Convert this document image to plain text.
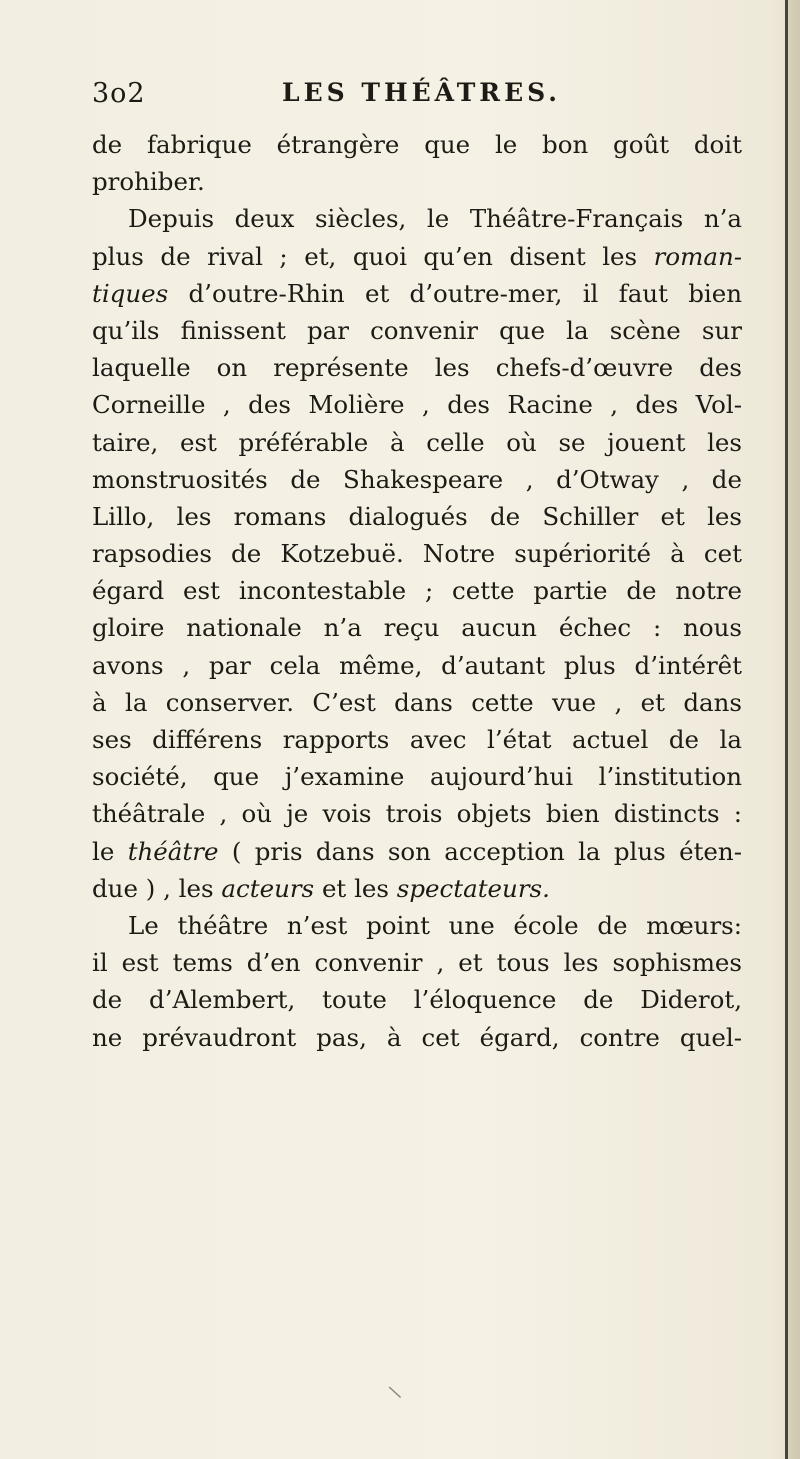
3o2	LES THÉÂTRES.
de fabrique étrangère que le bon goût doit
prohiber.
Depuis deux siècles, le Théâtre-Français n’a
plus de rival ; et, quoi qu’en disent les roman-
tiques d’outre-Rhin et d’outre-mer, il faut bien
qu’ils finissent par convenir que la scène sur
laquelle on représente les chefs-d’œuvre des
Corneille , des Molière , des Racine , des Vol-
taire, est préférable à celle où se jouent les
monstruosités de Shakespeare , d’Otway , de
Lillo, les romans dialogués de Schiller et les
rapsodies de Kotzebuë. Notre supériorité à cet
égard est incontestable ; cette partie de notre
gloire nationale n’a reçu aucun échec : nous
avons , par cela même, d’autant plus d’intérêt
à la conserver. C’est dans cette vue , et dans
ses différens rapports avec l’état actuel de la
société, que j’examine aujourd’hui l’institution
théâtrale , où je vois trois objets bien distincts :
le théâtre ( pris dans son acception la plus éten-
due ) , les acteurs et les spectateurs.
Le théâtre n’est point une école de mœurs:
il est tems d’en convenir , et tous les sophismes
de d’Alembert, toute l’éloquence de Diderot,
ne prévaudront pas, à cet égard, contre quel-
\
